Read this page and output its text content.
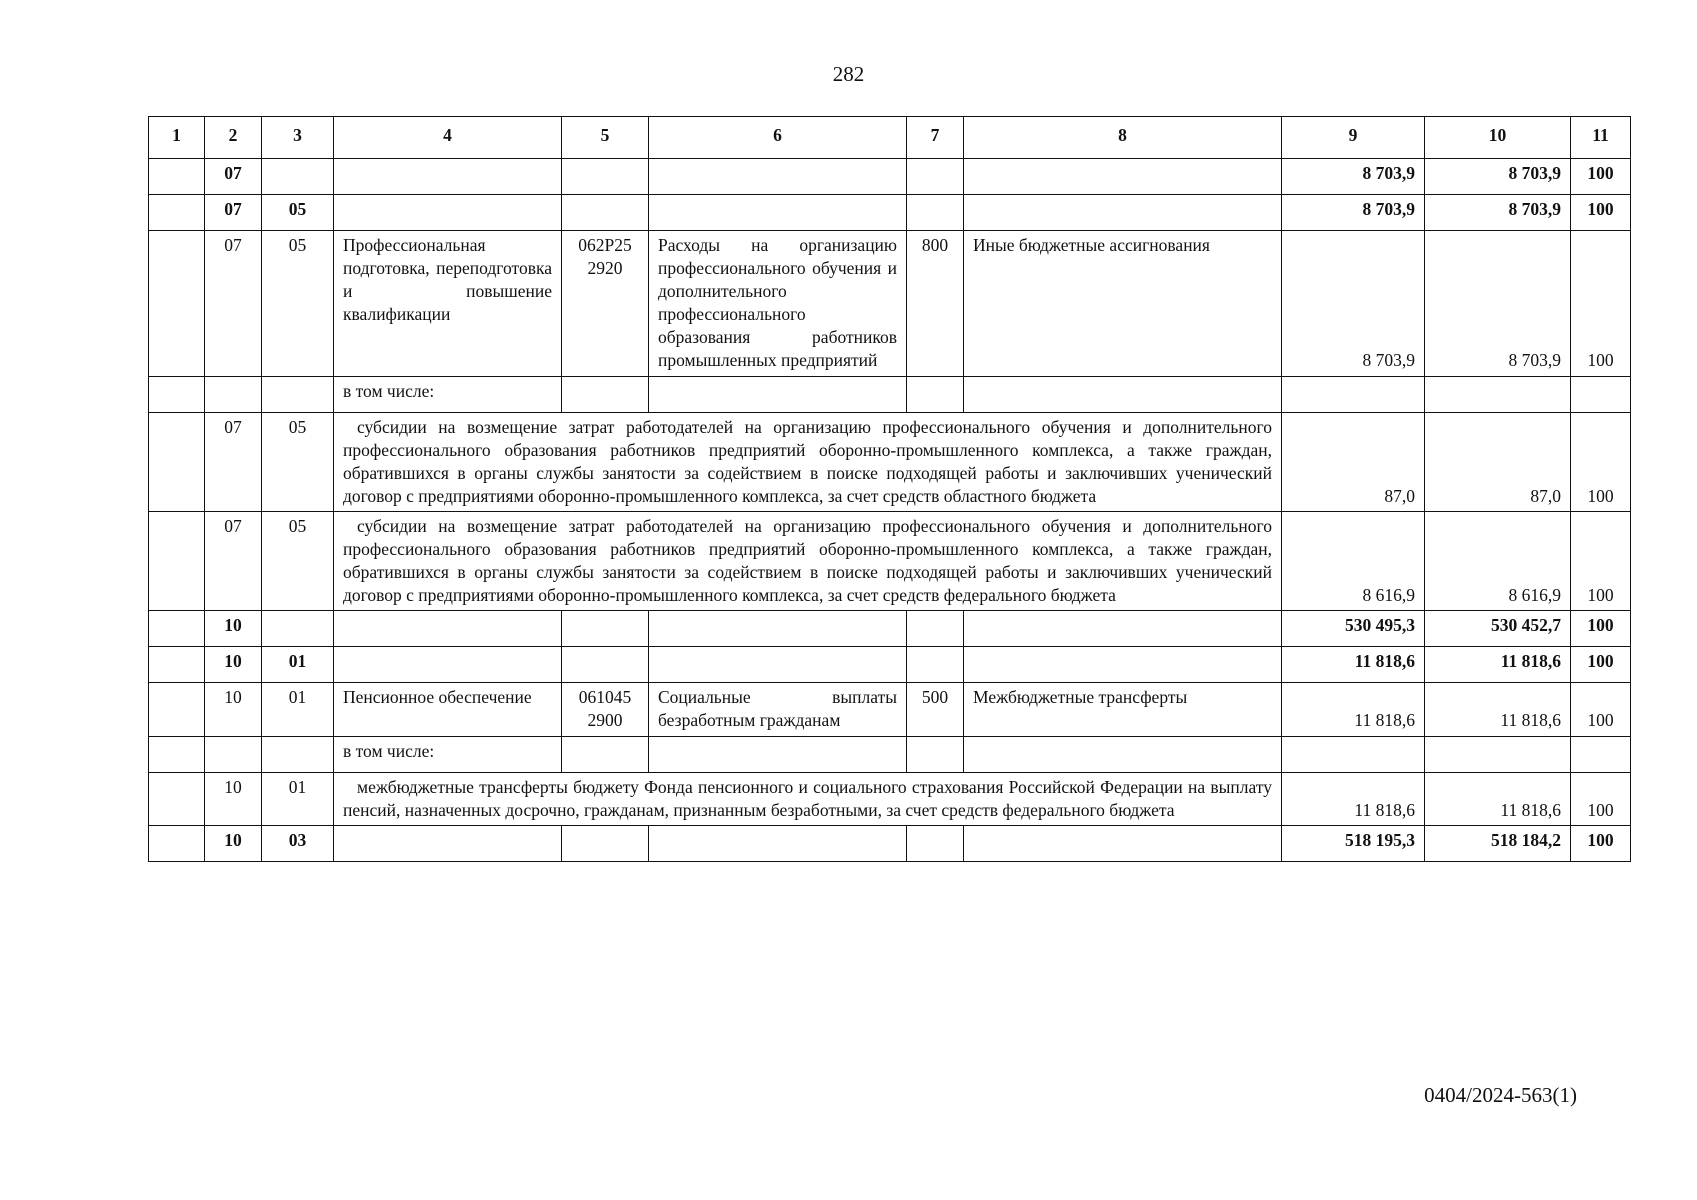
282
1	2	3	4	5	6	7	8	9	10	11
	07							8 703,9	8 703,9	100
	07	05						8 703,9	8 703,9	100
	07	05	Профессиональная подготовка, переподготовка и повышение квалификации	062Р25 2920	Расходы на организацию профессионального обучения и дополнительного профессионального образования работников промышленных предприятий	800	Иные бюджетные ассигнования	8 703,9	8 703,9	100
			в том числе:							
	07	05	субсидии на возмещение затрат работодателей на организацию профессионального обучения и дополнительного профессионального образования работников предприятий оборонно-промышленного комплекса, а также граждан, обратившихся в органы службы занятости за содействием в поиске подходящей работы и заключивших ученический договор с предприятиями оборонно-промышленного комплекса, за счет средств областного бюджета					87,0	87,0	100
	07	05	субсидии на возмещение затрат работодателей на организацию профессионального обучения и дополнительного профессионального образования работников предприятий оборонно-промышленного комплекса, а также граждан, обратившихся в органы службы занятости за содействием в поиске подходящей работы и заключивших ученический договор с предприятиями оборонно-промышленного комплекса, за счет средств федерального бюджета					8 616,9	8 616,9	100
	10							530 495,3	530 452,7	100
	10	01						11 818,6	11 818,6	100
	10	01	Пенсионное обеспечение	061045 2900	Социальные выплаты безработным гражданам	500	Межбюджетные трансферты	11 818,6	11 818,6	100
			в том числе:							
	10	01	межбюджетные трансферты бюджету Фонда пенсионного и социального страхования Российской Федерации на выплату пенсий, назначенных досрочно, гражданам, признанным безработными, за счет средств федерального бюджета					11 818,6	11 818,6	100
	10	03						518 195,3	518 184,2	100
0404/2024-563(1)
